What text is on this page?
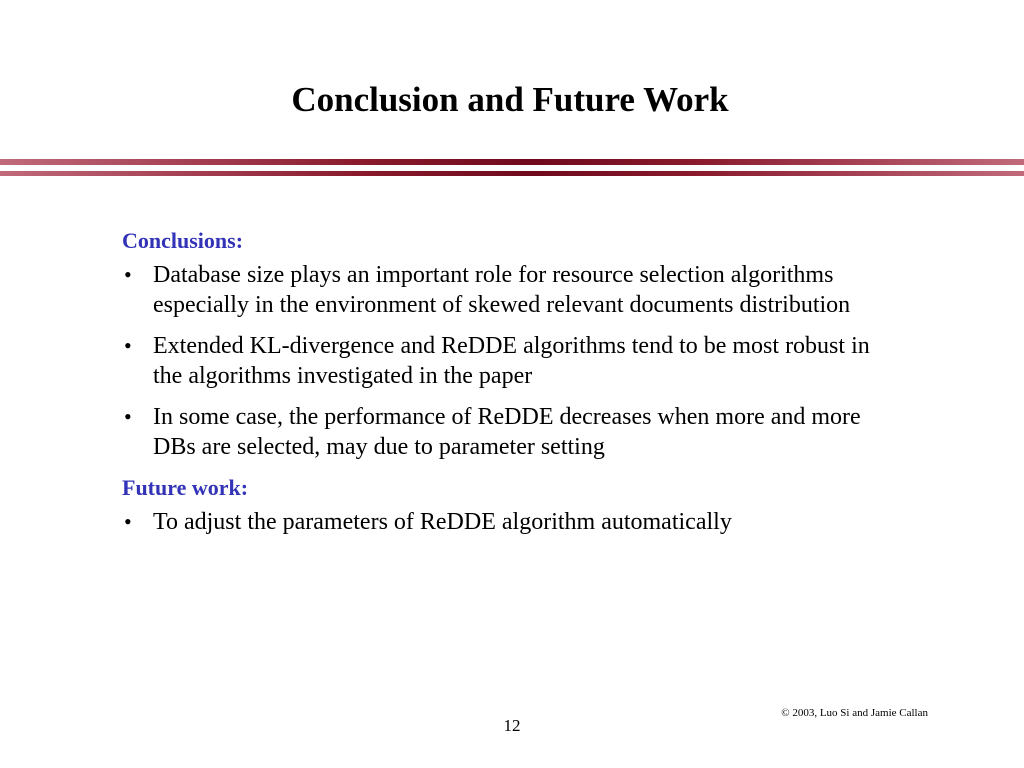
Conclusion and Future Work
Conclusions:
• Database size plays an important role for resource selection algorithms especially in the environment of skewed relevant documents distribution
• Extended KL-divergence and ReDDE algorithms tend to be most robust in the algorithms investigated in the paper
• In some case, the performance of ReDDE decreases when more and more DBs are selected, may due to parameter setting
Future work:
• To adjust the parameters of ReDDE algorithm automatically
© 2003, Luo Si and Jamie Callan
12
